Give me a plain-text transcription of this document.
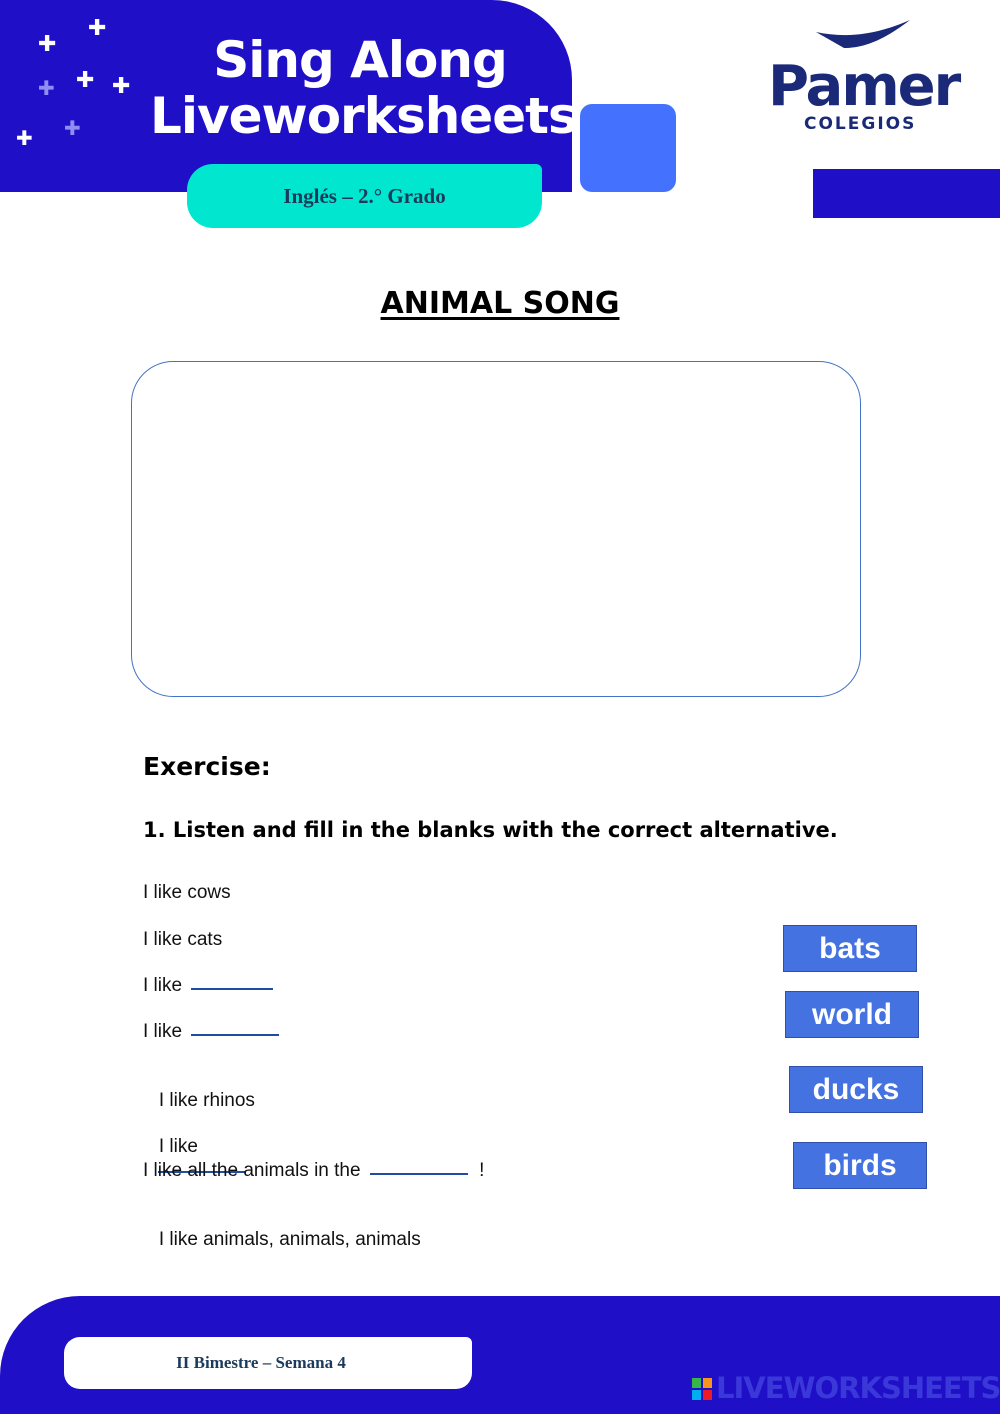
✚
✚
✚ ✚ ✚
✚ ✚
Sing Along
Liveworksheets
Inglés – 2.° Grado
Pamer
COLEGIOS
ANIMAL SONG
Exercise:
1. Listen and fill in the blanks with the correct alternative.
I like cows
I like cats
I like
I like

I like rhinos

I like

I like all the animals in the	!

I like animals, animals, animals

bats
world
ducks
birds
II Bimestre – Semana 4
LIVEWORKSHEETS
